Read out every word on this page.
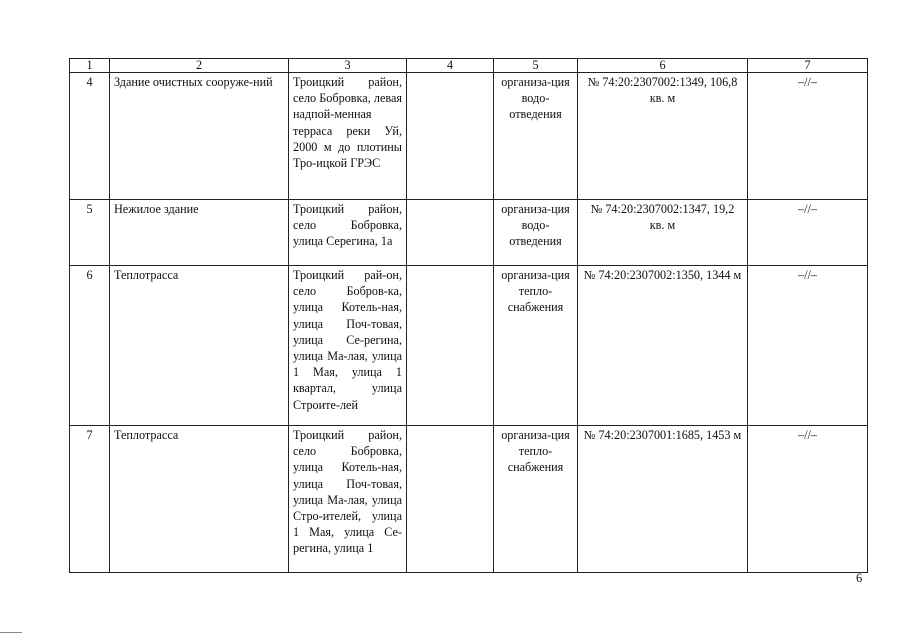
1	2	3	4	5	6	7
4	Здание очистных сооруже-ний	Троицкий район, село Бобровка, левая надпой-менная терраса реки Уй, 2000 м до плотины Тро-ицкой ГРЭС		организа-ция водо-отведения	№ 74:20:2307002:1349, 106,8 кв. м	–//–
5	Нежилое здание	Троицкий район, село Бобровка, улица Серегина, 1а		организа-ция водо-отведения	№ 74:20:2307002:1347, 19,2 кв. м	–//–
6	Теплотрасса	Троицкий рай-он, село Бобров-ка, улица Котель-ная, улица Поч-товая, улица Се-регина, улица Ма-лая, улица 1 Мая, улица 1 квартал, улица Строите-лей		организа-ция тепло-снабжения	№ 74:20:2307002:1350, 1344 м	–//–
7	Теплотрасса	Троицкий район, село Бобровка, улица Котель-ная, улица Поч-товая, улица Ма-лая, улица Стро-ителей, улица 1 Мая, улица Се-регина, улица 1		организа-ция тепло-снабжения	№ 74:20:2307001:1685, 1453 м	–//–
6
